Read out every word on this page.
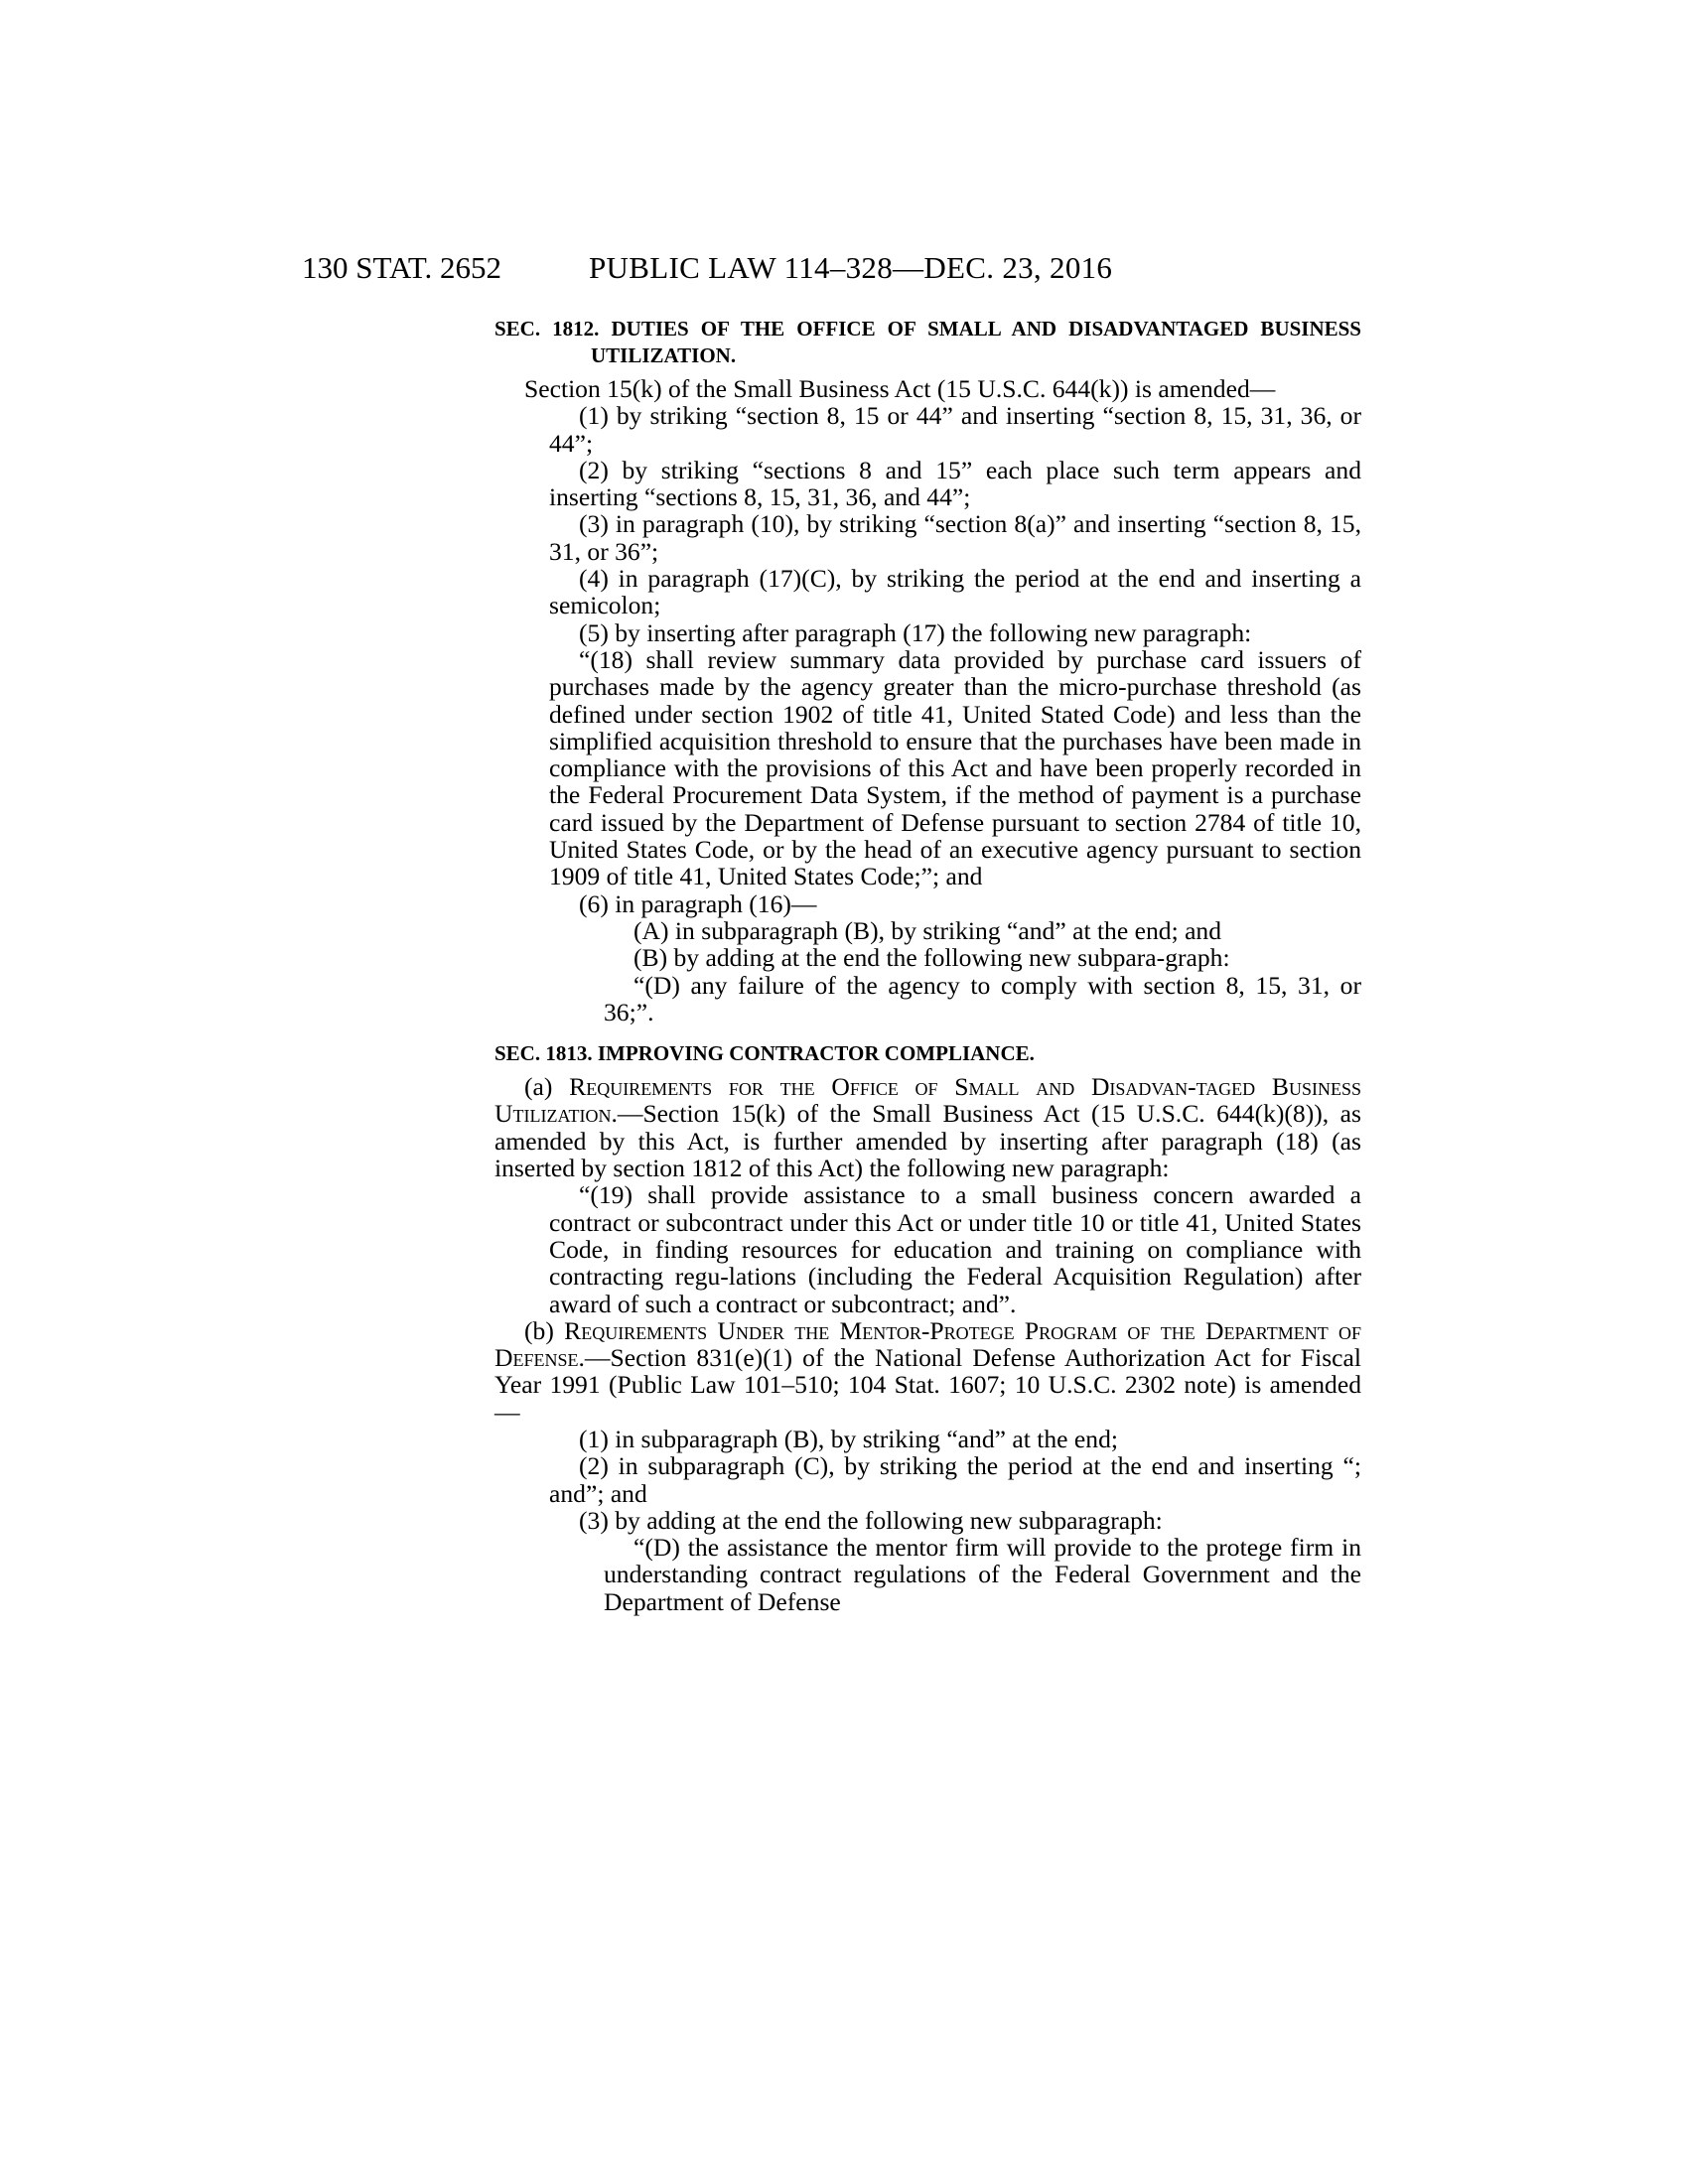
130 STAT. 2652	PUBLIC LAW 114–328—DEC. 23, 2016
SEC. 1812. DUTIES OF THE OFFICE OF SMALL AND DISADVANTAGED BUSINESS UTILIZATION.

Section 15(k) of the Small Business Act (15 U.S.C. 644(k)) is amended—

(1) by striking “section 8, 15 or 44” and inserting “section 8, 15, 31, 36, or 44”;

(2) by striking “sections 8 and 15” each place such term appears and inserting “sections 8, 15, 31, 36, and 44”;

(3) in paragraph (10), by striking “section 8(a)” and inserting “section 8, 15, 31, or 36”;

(4) in paragraph (17)(C), by striking the period at the end and inserting a semicolon;

(5) by inserting after paragraph (17) the following new paragraph:

“(18) shall review summary data provided by purchase card issuers of purchases made by the agency greater than the micro-purchase threshold (as defined under section 1902 of title 41, United Stated Code) and less than the simplified acquisition threshold to ensure that the purchases have been made in compliance with the provisions of this Act and have been properly recorded in the Federal Procurement Data System, if the method of payment is a purchase card issued by the Department of Defense pursuant to section 2784 of title 10, United States Code, or by the head of an executive agency pursuant to section 1909 of title 41, United States Code;”; and

(6) in paragraph (16)—

(A) in subparagraph (B), by striking “and” at the end; and

(B) by adding at the end the following new subpara-graph:

“(D) any failure of the agency to comply with section 8, 15, 31, or 36;”.

SEC. 1813. IMPROVING CONTRACTOR COMPLIANCE.

(a) Requirements for the Office of Small and Disadvan-taged Business Utilization.—Section 15(k) of the Small Business Act (15 U.S.C. 644(k)(8)), as amended by this Act, is further amended by inserting after paragraph (18) (as inserted by section 1812 of this Act) the following new paragraph:

“(19) shall provide assistance to a small business concern awarded a contract or subcontract under this Act or under title 10 or title 41, United States Code, in finding resources for education and training on compliance with contracting regu-lations (including the Federal Acquisition Regulation) after award of such a contract or subcontract; and”.

(b) Requirements Under the Mentor-Protege Program of the Department of Defense.—Section 831(e)(1) of the National Defense Authorization Act for Fiscal Year 1991 (Public Law 101–510; 104 Stat. 1607; 10 U.S.C. 2302 note) is amended—

(1) in subparagraph (B), by striking “and” at the end;

(2) in subparagraph (C), by striking the period at the end and inserting “; and”; and

(3) by adding at the end the following new subparagraph:

“(D) the assistance the mentor firm will provide to the protege firm in understanding contract regulations of the Federal Government and the Department of Defense
